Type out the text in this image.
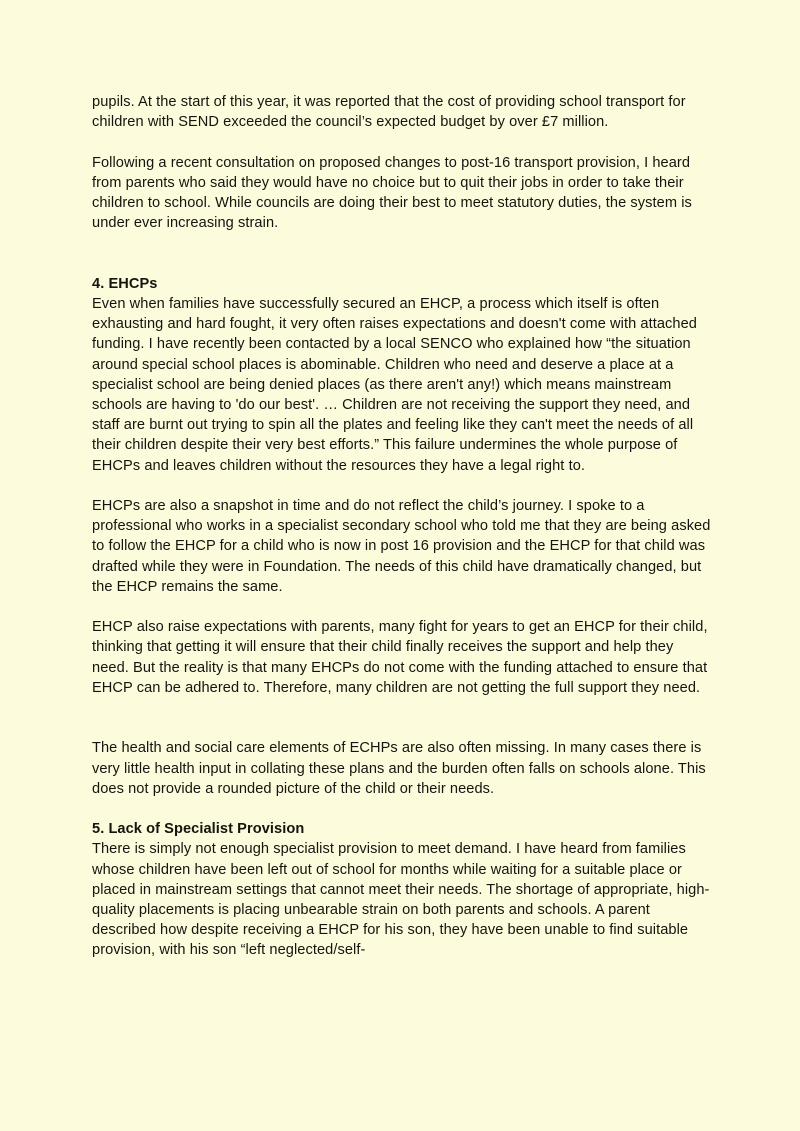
pupils. At the start of this year, it was reported that the cost of providing school transport for children with SEND exceeded the council’s expected budget by over £7 million.

Following a recent consultation on proposed changes to post-16 transport provision, I heard from parents who said they would have no choice but to quit their jobs in order to take their children to school. While councils are doing their best to meet statutory duties, the system is under ever increasing strain.

4. EHCPs

Even when families have successfully secured an EHCP, a process which itself is often exhausting and hard fought, it very often raises expectations and doesn't come with attached funding. I have recently been contacted by a local SENCO who explained how “the situation around special school places is abominable. Children who need and deserve a place at a specialist school are being denied places (as there aren't any!) which means mainstream schools are having to 'do our best'. … Children are not receiving the support they need, and staff are burnt out trying to spin all the plates and feeling like they can't meet the needs of all their children despite their very best efforts.” This failure undermines the whole purpose of EHCPs and leaves children without the resources they have a legal right to.

EHCPs are also a snapshot in time and do not reflect the child’s journey. I spoke to a professional who works in a specialist secondary school who told me that they are being asked to follow the EHCP for a child who is now in post 16 provision and the EHCP for that child was drafted while they were in Foundation. The needs of this child have dramatically changed, but the EHCP remains the same.

EHCP also raise expectations with parents, many fight for years to get an EHCP for their child, thinking that getting it will ensure that their child finally receives the support and help they need. But the reality is that many EHCPs do not come with the funding attached to ensure that EHCP can be adhered to. Therefore, many children are not getting the full support they need.

The health and social care elements of ECHPs are also often missing. In many cases there is very little health input in collating these plans and the burden often falls on schools alone. This does not provide a rounded picture of the child or their needs.

5. Lack of Specialist Provision

There is simply not enough specialist provision to meet demand. I have heard from families whose children have been left out of school for months while waiting for a suitable place or placed in mainstream settings that cannot meet their needs. The shortage of appropriate, high-quality placements is placing unbearable strain on both parents and schools. A parent described how despite receiving a EHCP for his son, they have been unable to find suitable provision, with his son “left neglected/self-
